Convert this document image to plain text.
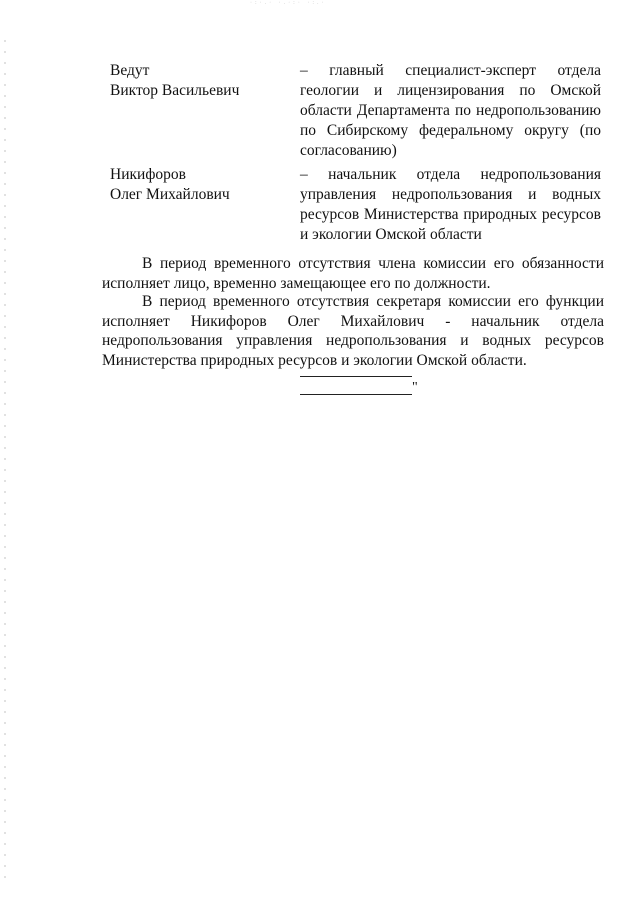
·:·.· ·.·:· ·:.·
Ведут
Виктор Васильевич
– главный специалист-эксперт отдела
геологии и лицензирования по Омской
области Департамента по недропользованию
по Сибирскому федеральному округу (по
согласованию)
Никифоров
Олег Михайлович
– начальник отдела недропользования
управления недропользования и водных
ресурсов Министерства природных ресурсов
и экологии Омской области
В период временного отсутствия члена комиссии его обязанности
исполняет лицо, временно замещающее его по должности.
В период временного отсутствия секретаря комиссии его функции
исполняет Никифоров Олег Михайлович - начальник отдела
недропользования управления недропользования и водных ресурсов
Министерства природных ресурсов и экологии Омской области.
"
